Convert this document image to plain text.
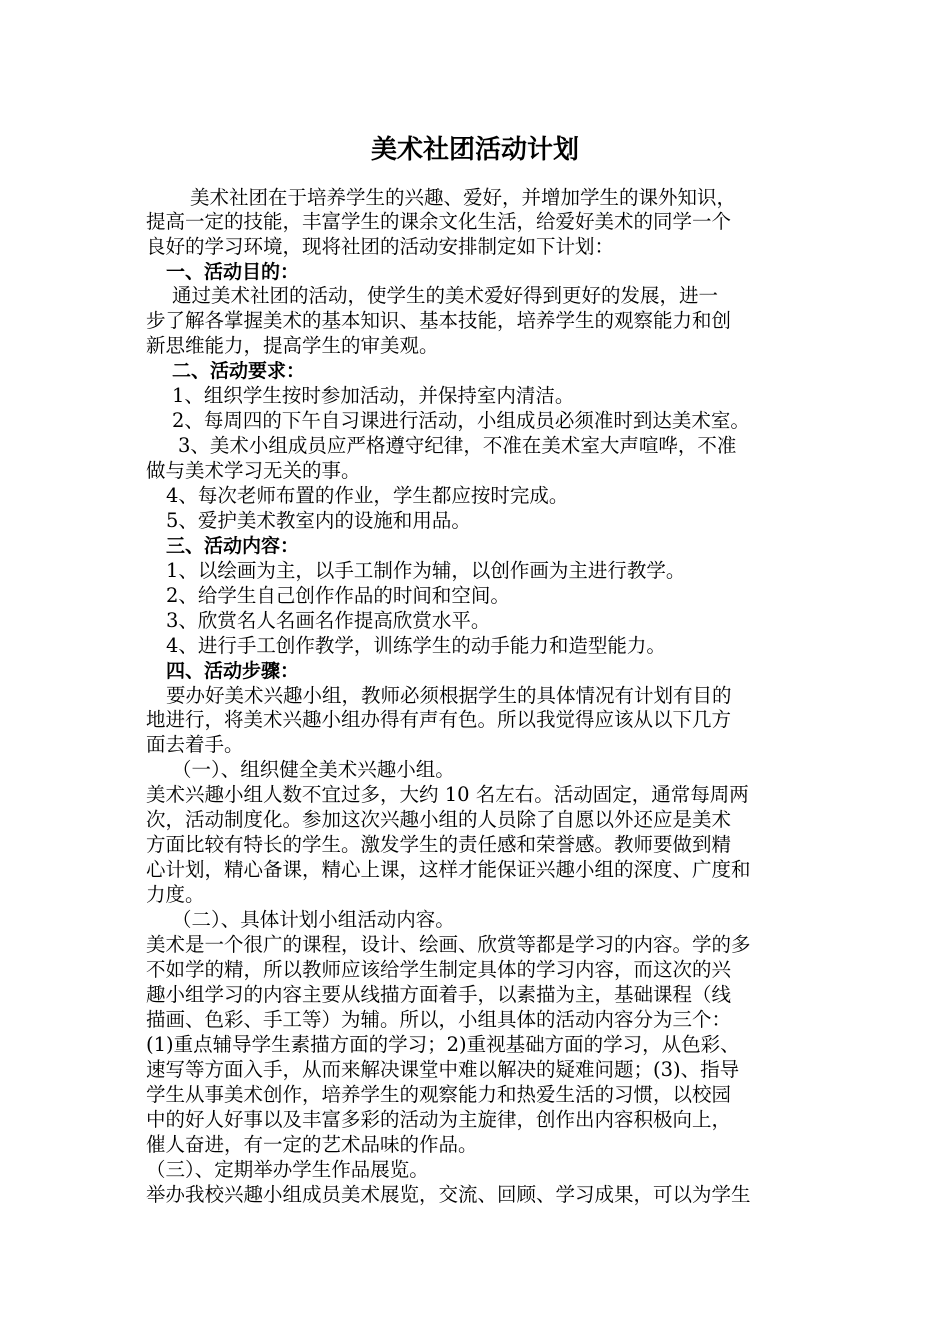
美术社团活动计划
美术社团在于培养学生的兴趣、爱好，并增加学生的课外知识，
提高一定的技能，丰富学生的课余文化生活，给爱好美术的同学一个
良好的学习环境，现将社团的活动安排制定如下计划：
一、活动目的：
通过美术社团的活动，使学生的美术爱好得到更好的发展，进一
步了解各掌握美术的基本知识、基本技能，培养学生的观察能力和创
新思维能力，提高学生的审美观。
二、活动要求：
1、组织学生按时参加活动，并保持室内清洁。
2、每周四的下午自习课进行活动，小组成员必须准时到达美术室。
3、美术小组成员应严格遵守纪律，不准在美术室大声喧哗，不准
做与美术学习无关的事。
4、每次老师布置的作业，学生都应按时完成。
5、爱护美术教室内的设施和用品。
三、活动内容：
1、以绘画为主，以手工制作为辅，以创作画为主进行教学。
2、给学生自己创作作品的时间和空间。
3、欣赏名人名画名作提高欣赏水平。
4、进行手工创作教学，训练学生的动手能力和造型能力。
四、活动步骤：
要办好美术兴趣小组，教师必须根据学生的具体情况有计划有目的
地进行，将美术兴趣小组办得有声有色。所以我觉得应该从以下几方
面去着手。
（一）、组织健全美术兴趣小组。
美术兴趣小组人数不宜过多，大约 10 名左右。活动固定，通常每周两
次，活动制度化。参加这次兴趣小组的人员除了自愿以外还应是美术
方面比较有特长的学生。激发学生的责任感和荣誉感。教师要做到精
心计划，精心备课，精心上课，这样才能保证兴趣小组的深度、广度和
力度。
（二）、具体计划小组活动内容。
美术是一个很广的课程，设计、绘画、欣赏等都是学习的内容。学的多
不如学的精，所以教师应该给学生制定具体的学习内容，而这次的兴
趣小组学习的内容主要从线描方面着手，以素描为主，基础课程（线
描画、色彩、手工等）为辅。所以，小组具体的活动内容分为三个：
(1)重点辅导学生素描方面的学习；2)重视基础方面的学习，从色彩、
速写等方面入手，从而来解决课堂中难以解决的疑难问题；(3)、指导
学生从事美术创作，培养学生的观察能力和热爱生活的习惯，以校园
中的好人好事以及丰富多彩的活动为主旋律，创作出内容积极向上，
催人奋进，有一定的艺术品味的作品。
（三）、定期举办学生作品展览。
举办我校兴趣小组成员美术展览，交流、回顾、学习成果，可以为学生
